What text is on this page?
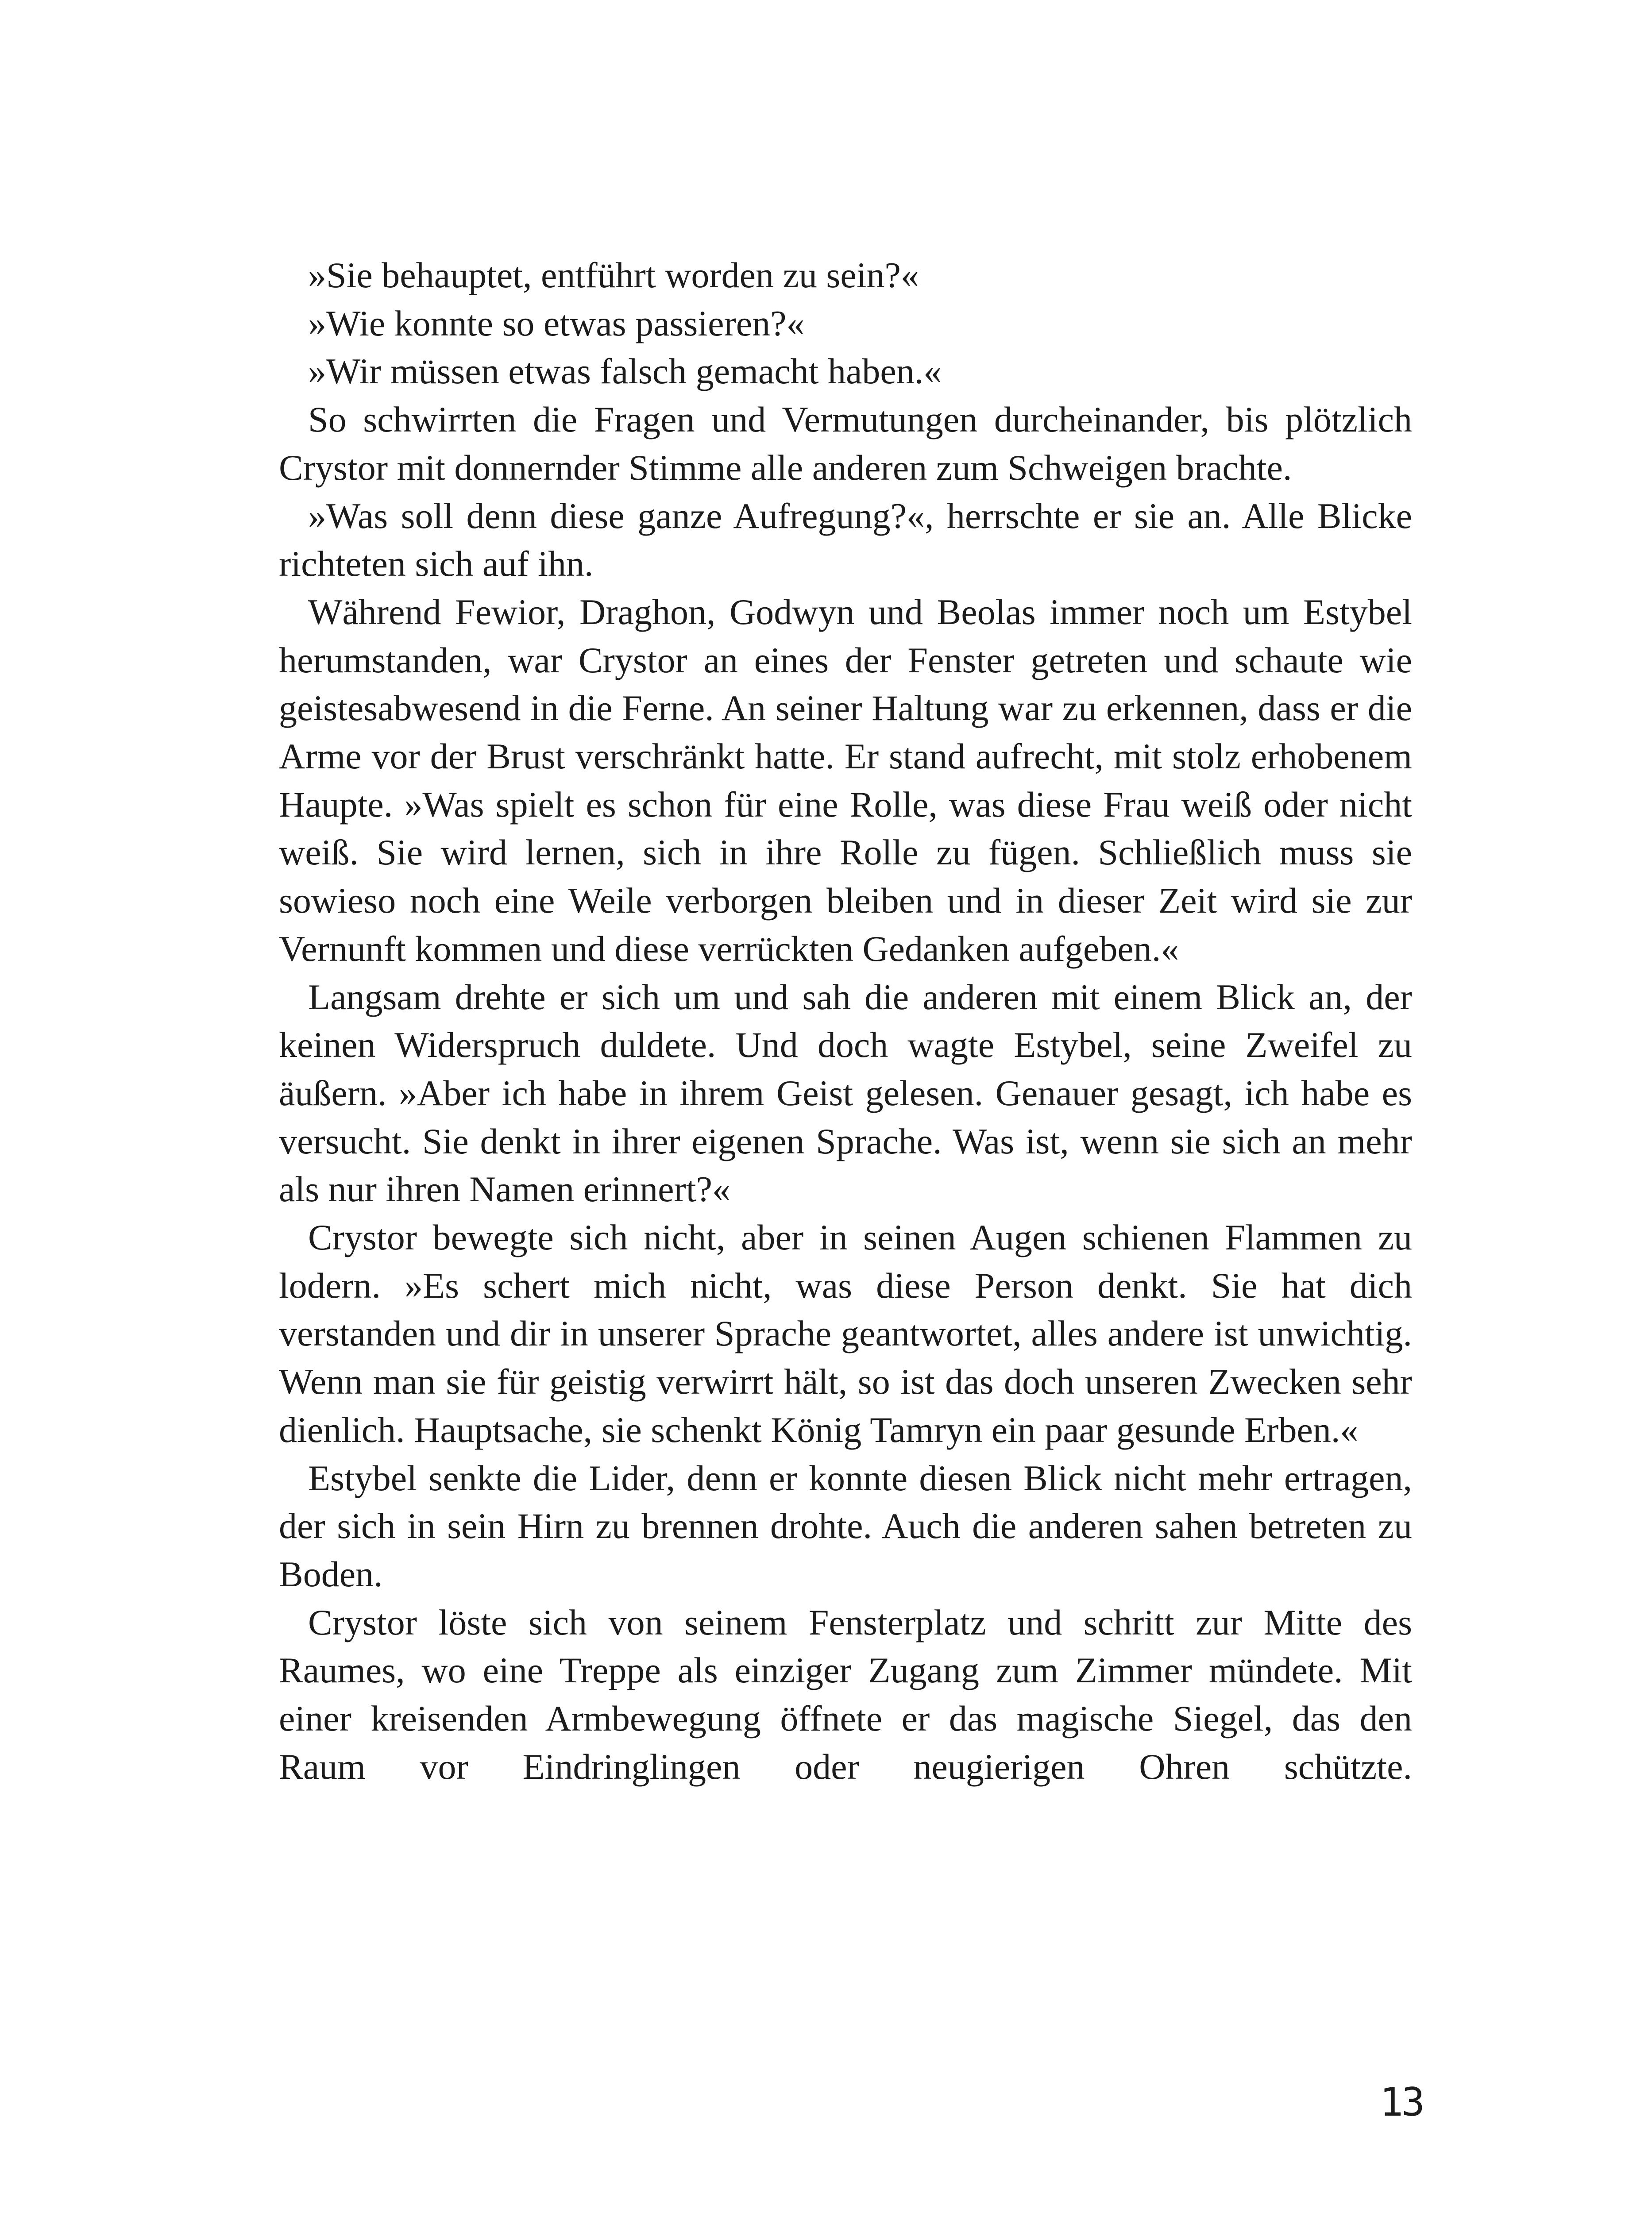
»Sie behauptet, entführt worden zu sein?«

»Wie konnte so etwas passieren?«

»Wir müssen etwas falsch gemacht haben.«

So schwirrten die Fragen und Vermutungen durcheinander, bis plötzlich Crystor mit donnernder Stimme alle anderen zum Schweigen brachte.

»Was soll denn diese ganze Aufregung?«, herrschte er sie an. Alle Blicke richteten sich auf ihn.

Während Fewior, Draghon, Godwyn und Beolas immer noch um Estybel herumstanden, war Crystor an eines der Fenster getreten und schaute wie geistesabwesend in die Ferne. An seiner Haltung war zu erkennen, dass er die Arme vor der Brust verschränkt hatte. Er stand aufrecht, mit stolz erhobenem Haupte. »Was spielt es schon für eine Rolle, was diese Frau weiß oder nicht weiß. Sie wird lernen, sich in ihre Rolle zu fügen. Schließlich muss sie sowieso noch eine Weile verborgen bleiben und in dieser Zeit wird sie zur Vernunft kommen und diese verrückten Gedanken aufgeben.«

Langsam drehte er sich um und sah die anderen mit einem Blick an, der keinen Widerspruch duldete. Und doch wagte Estybel, seine Zweifel zu äußern. »Aber ich habe in ihrem Geist gelesen. Genauer gesagt, ich habe es versucht. Sie denkt in ihrer eigenen Sprache. Was ist, wenn sie sich an mehr als nur ihren Namen erinnert?«

Crystor bewegte sich nicht, aber in seinen Augen schienen Flammen zu lodern. »Es schert mich nicht, was diese Person denkt. Sie hat dich verstanden und dir in unserer Sprache geantwortet, alles andere ist unwichtig. Wenn man sie für geistig verwirrt hält, so ist das doch unseren Zwecken sehr dienlich. Hauptsache, sie schenkt König Tamryn ein paar gesunde Erben.«

Estybel senkte die Lider, denn er konnte diesen Blick nicht mehr ertragen, der sich in sein Hirn zu brennen drohte. Auch die anderen sahen betreten zu Boden.

Crystor löste sich von seinem Fensterplatz und schritt zur Mitte des Raumes, wo eine Treppe als einziger Zugang zum Zimmer mündete. Mit einer kreisenden Armbewegung öffnete er das magische Siegel, das den Raum vor Eindringlingen oder neugierigen Ohren schützte.

13
